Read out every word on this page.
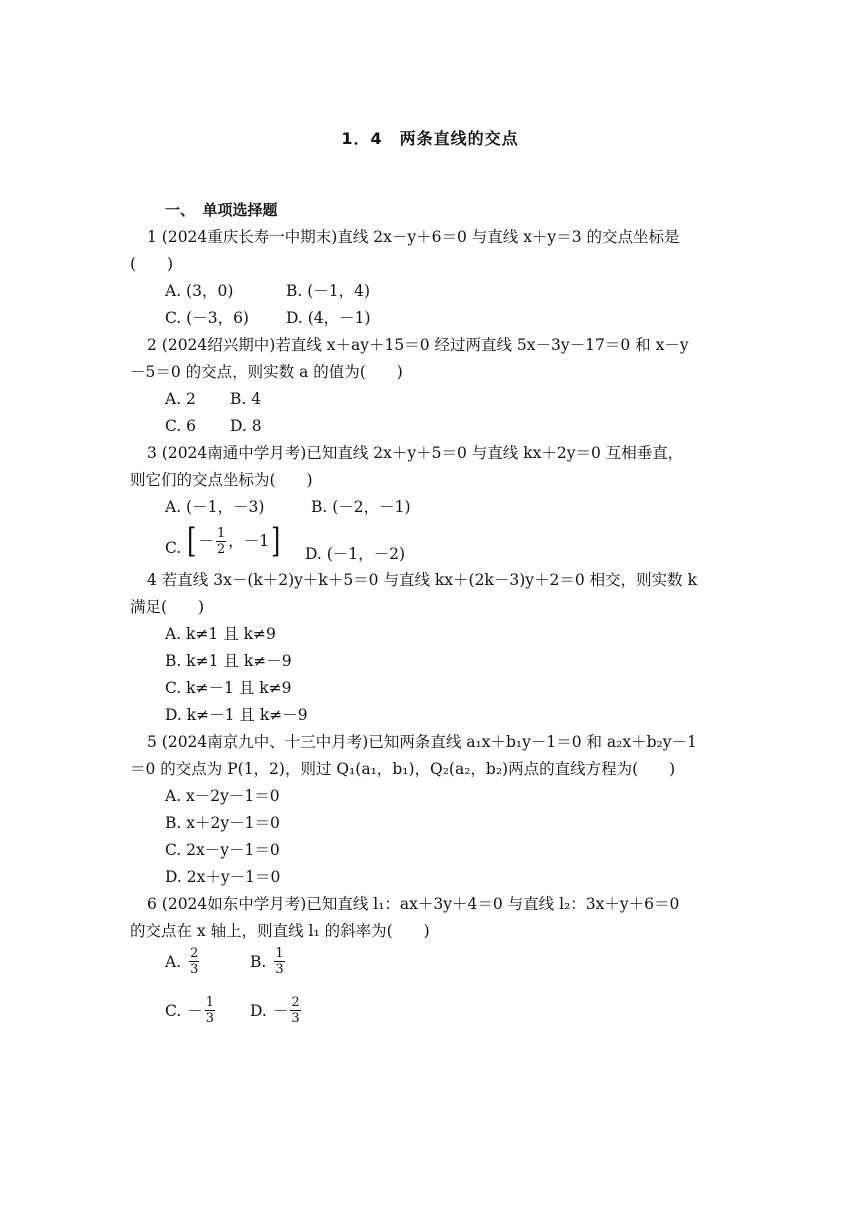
1．4　两条直线的交点
一、　单项选择题
1 (2024重庆长寿一中期末)直线 2x－y＋6＝0 与直线 x＋y＝3 的交点坐标是
(　　)
A. (3，0)	B. (－1，4)
C. (－3，6) D. (4，－1)
2 (2024绍兴期中)若直线 x＋ay＋15＝0 经过两直线 5x－3y－17＝0 和 x－y
－5＝0 的交点，则实数 a 的值为(　　)
A. 2 B. 4
C. 6 D. 8
3 (2024南通中学月考)已知直线 2x＋y＋5＝0 与直线 kx＋2y＝0 互相垂直，
则它们的交点坐标为(　　)
A. (－1，－3)	B. (－2，－1)
C. [ － $\frac{1}{2}$ ，－1 ] D. (－1，－2)
4 若直线 3x－(k＋2)y＋k＋5＝0 与直线 kx＋(2k－3)y＋2＝0 相交，则实数 k
满足(　　)
A. k≠1 且 k≠9
B. k≠1 且 k≠－9
C. k≠－1 且 k≠9
D. k≠－1 且 k≠－9
5 (2024南京九中、十三中月考)已知两条直线 a₁x＋b₁y－1＝0 和 a₂x＋b₂y－1
＝0 的交点为 P(1，2)，则过 Q₁(a₁，b₁)，Q₂(a₂，b₂)两点的直线方程为(　　)
A. x－2y－1＝0
B. x＋2y－1＝0
C. 2x－y－1＝0
D. 2x＋y－1＝0
6 (2024如东中学月考)已知直线 l₁：ax＋3y＋4＝0 与直线 l₂：3x＋y＋6＝0
的交点在 x 轴上，则直线 l₁ 的斜率为(　　)
A. $\frac{2}{3}$	B. $\frac{1}{3}$
C. － $\frac{1}{3} D$. － $\frac{2}{3}$
